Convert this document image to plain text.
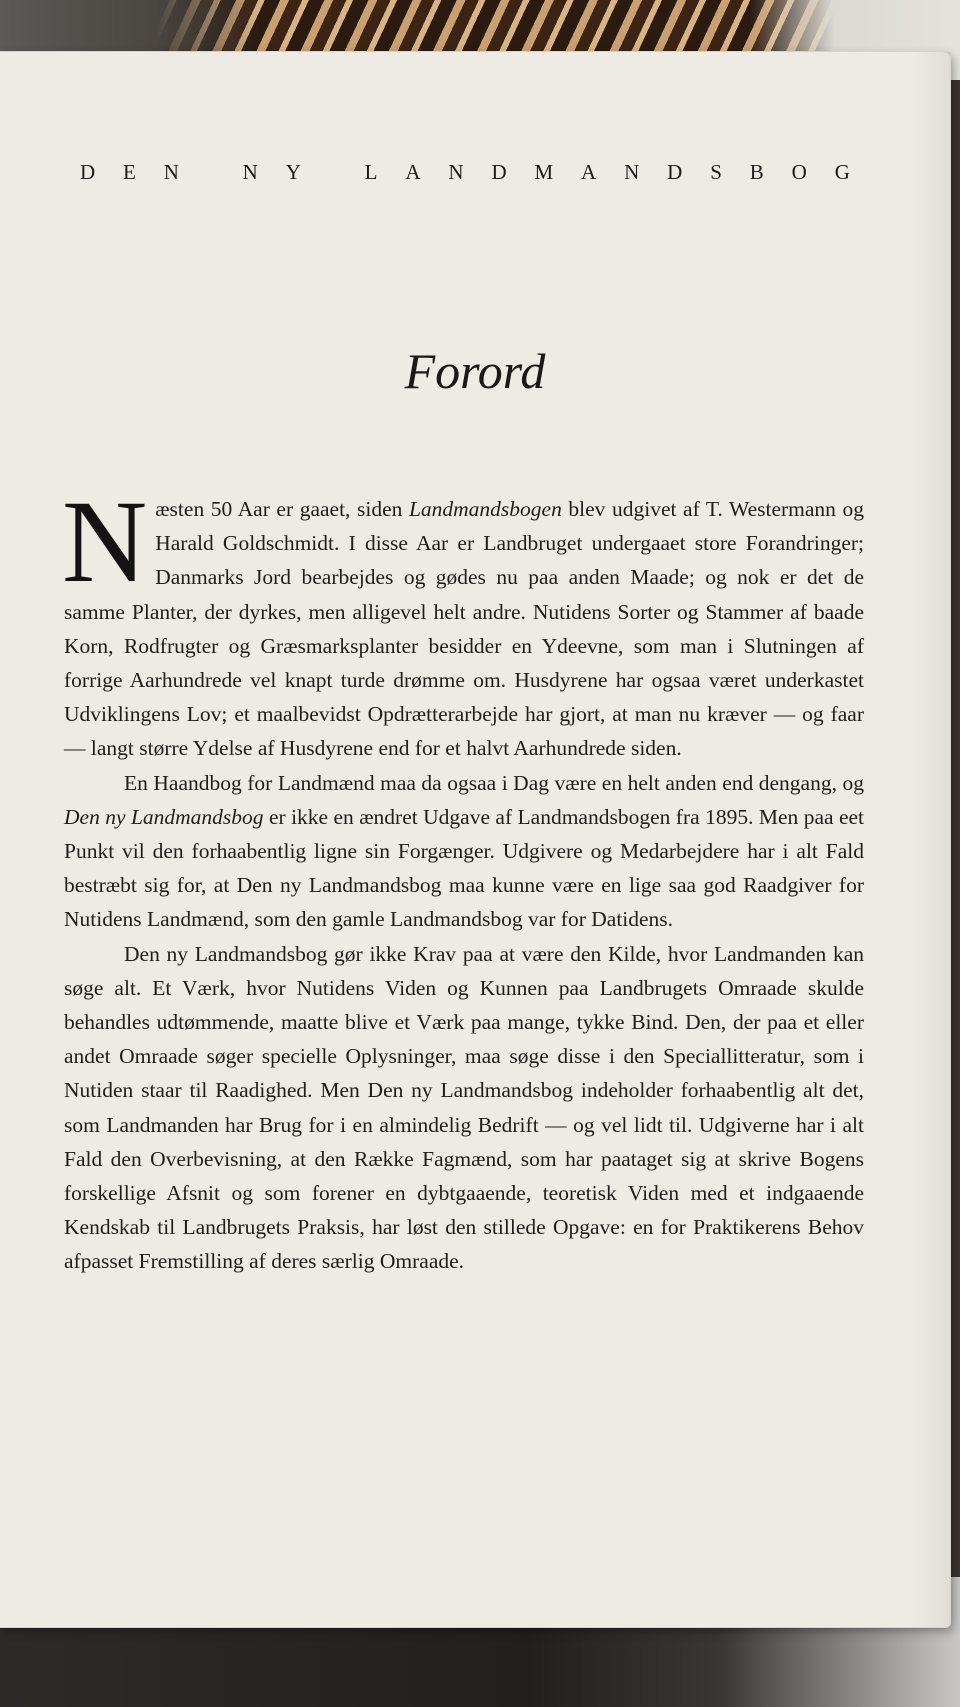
D E N	N Y	L A N D M A N D S B O G
Forord

Næsten 50 Aar er gaaet, siden Landmandsbogen blev udgivet af T. Westermann og Harald Goldschmidt. I disse Aar er Landbruget undergaaet store Forandringer; Danmarks Jord bearbejdes og gødes nu paa anden Maade; og nok er det de samme Planter, der dyrkes, men alligevel helt andre. Nutidens Sorter og Stammer af baade Korn, Rodfrugter og Græsmarksplanter besidder en Ydeevne, som man i Slutningen af forrige Aarhundrede vel knapt turde drømme om. Husdyrene har ogsaa været underkastet Udviklingens Lov; et maalbevidst Opdrætterarbejde har gjort, at man nu kræver — og faar — langt større Ydelse af Husdyrene end for et halvt Aarhundrede siden.

En Haandbog for Landmænd maa da ogsaa i Dag være en helt anden end dengang, og Den ny Landmandsbog er ikke en ændret Udgave af Landmandsbogen fra 1895. Men paa eet Punkt vil den forhaabentlig ligne sin Forgænger. Udgivere og Medarbejdere har i alt Fald bestræbt sig for, at Den ny Landmandsbog maa kunne være en lige saa god Raadgiver for Nutidens Landmænd, som den gamle Landmandsbog var for Datidens.

Den ny Landmandsbog gør ikke Krav paa at være den Kilde, hvor Landmanden kan søge alt. Et Værk, hvor Nutidens Viden og Kunnen paa Landbrugets Omraade skulde behandles udtømmende, maatte blive et Værk paa mange, tykke Bind. Den, der paa et eller andet Omraade søger specielle Oplysninger, maa søge disse i den Speciallitteratur, som i Nutiden staar til Raadighed. Men Den ny Landmandsbog indeholder forhaabentlig alt det, som Landmanden har Brug for i en almindelig Bedrift — og vel lidt til. Udgiverne har i alt Fald den Overbevisning, at den Række Fagmænd, som har paataget sig at skrive Bogens forskellige Afsnit og som forener en dybtgaaende, teoretisk Viden med et indgaaende Kendskab til Landbrugets Praksis, har løst den stillede Opgave: en for Praktikerens Behov afpasset Fremstilling af deres særlig Omraade.
